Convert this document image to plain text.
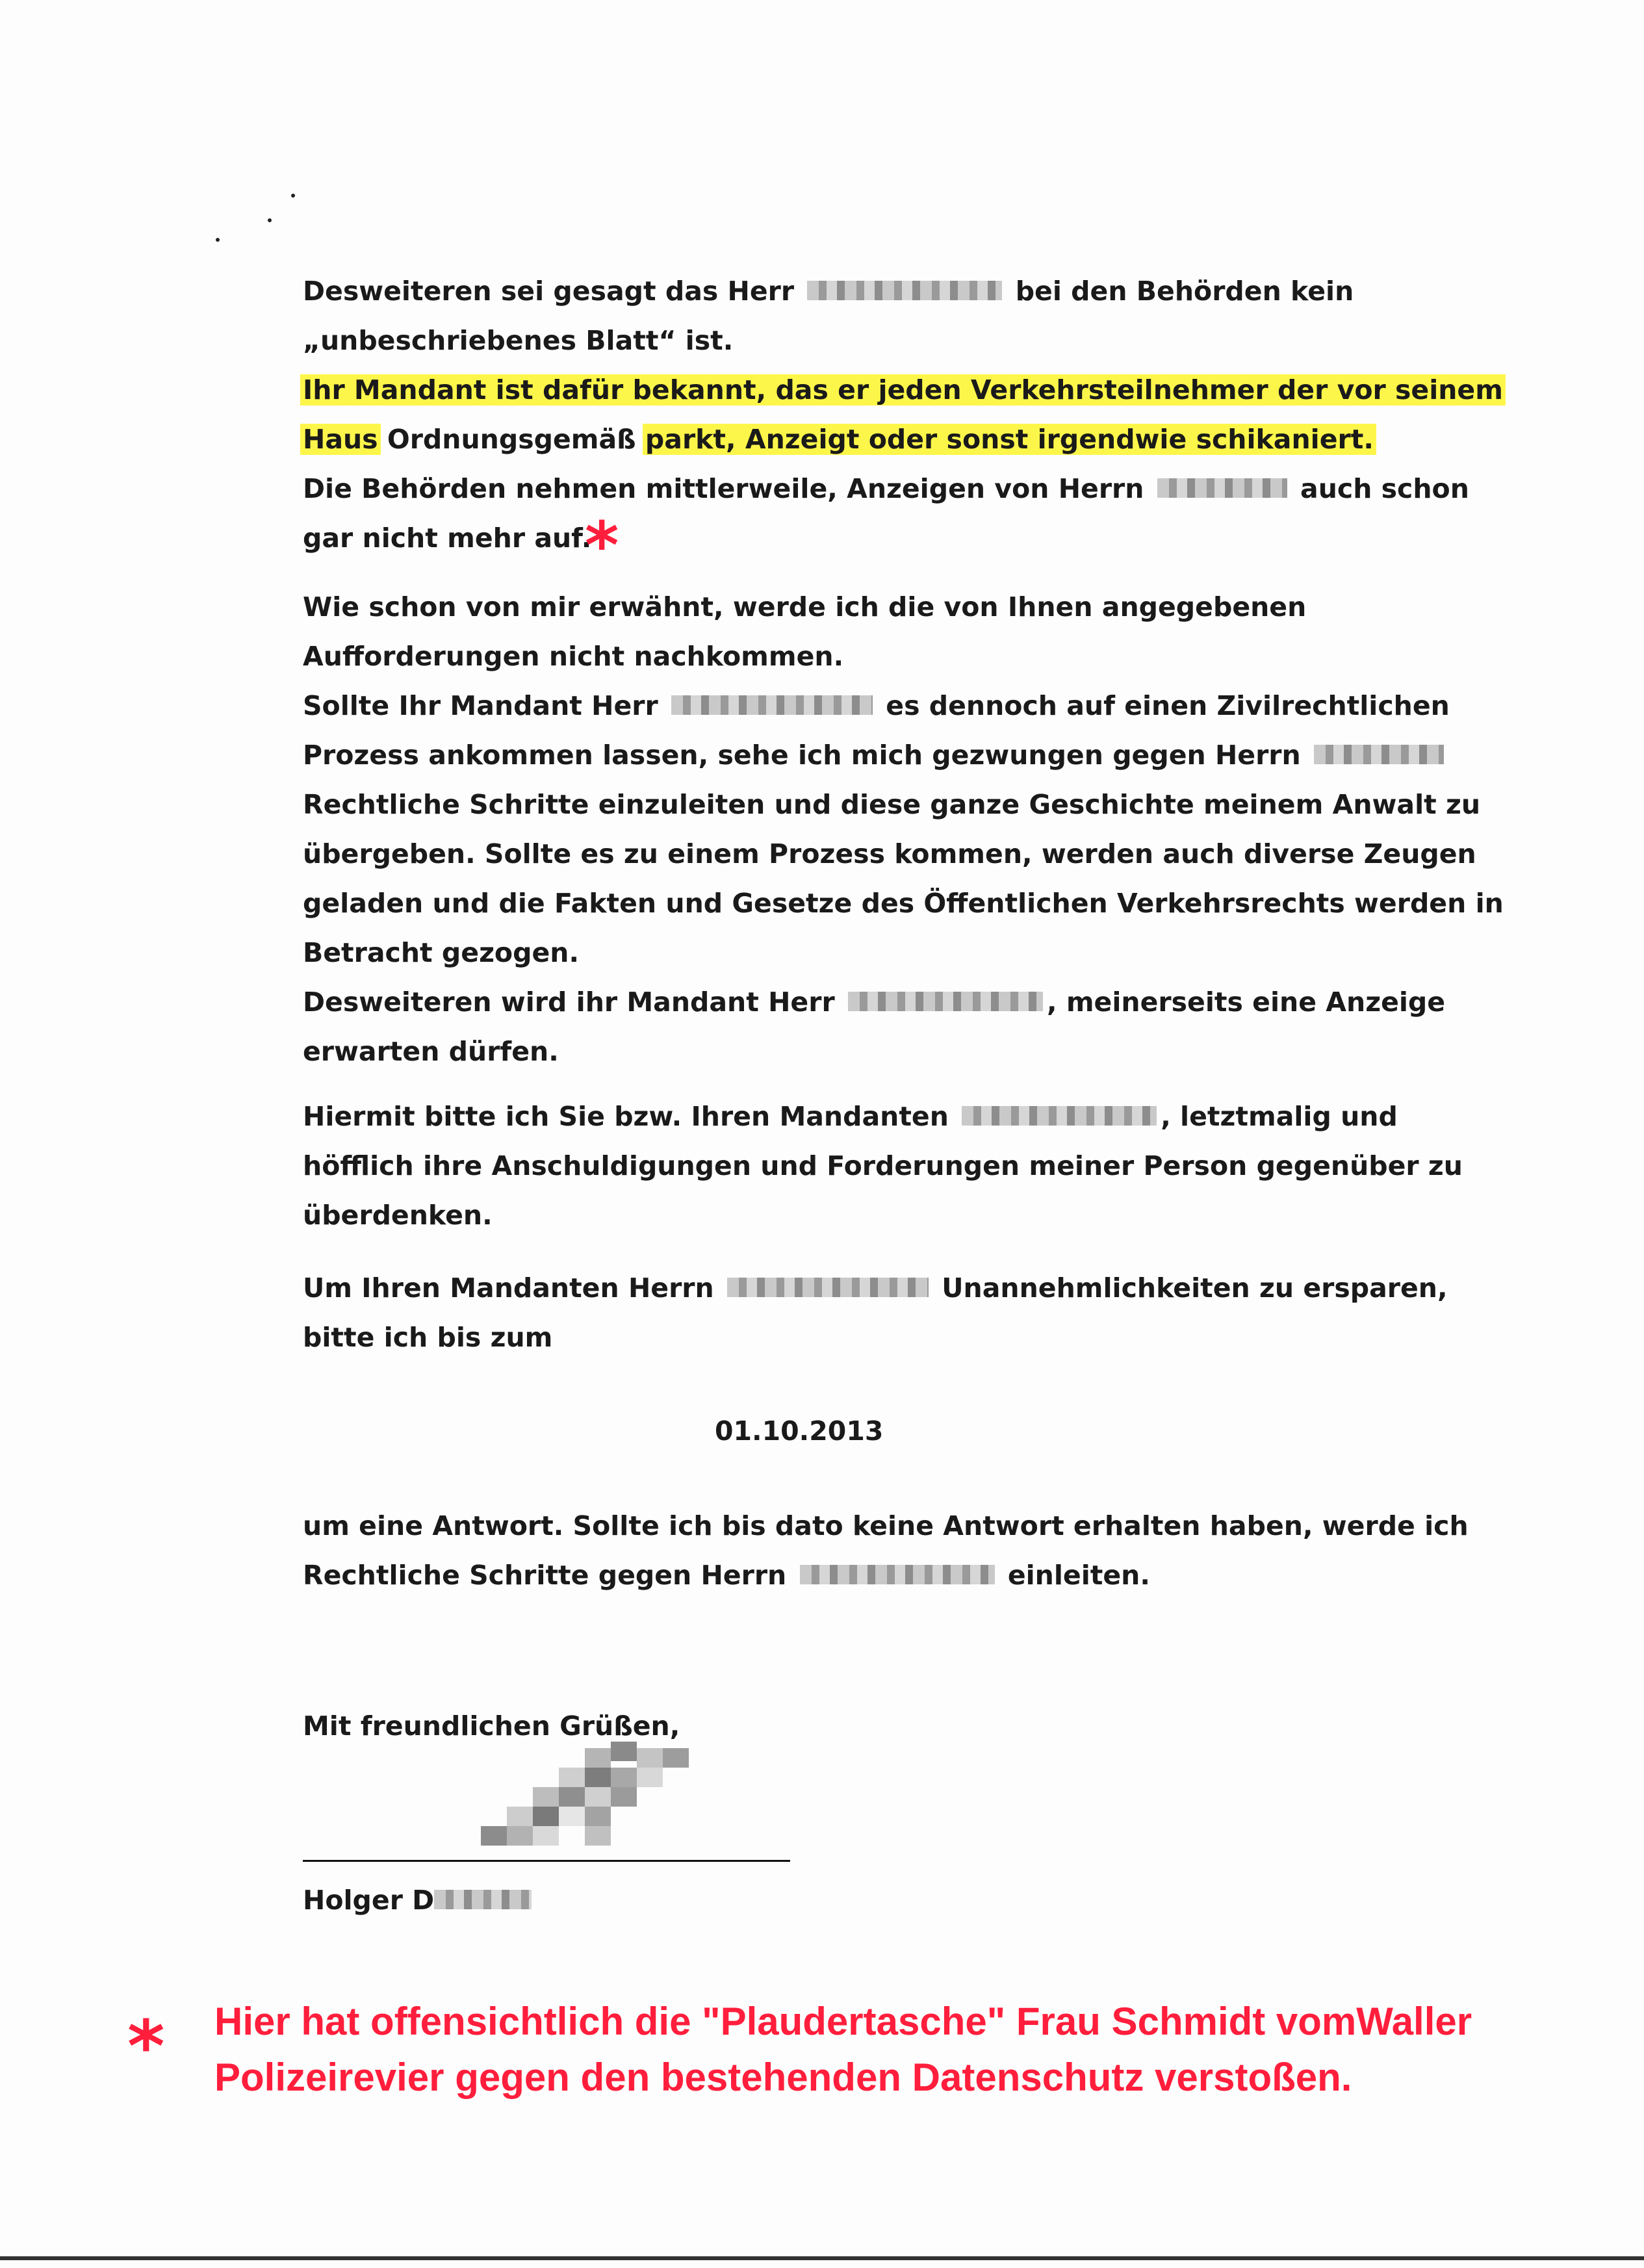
Desweiteren sei gesagt das Herr	bei den Behörden kein
„unbeschriebenes Blatt“ ist.
Ihr Mandant ist dafür bekannt, das er jeden Verkehrsteilnehmer der vor seinem
Haus Ordnungsgemäß parkt, Anzeigt oder sonst irgendwie schikaniert.
Die Behörden nehmen mittlerweile, Anzeigen von Herrn	auch schon
gar nicht mehr auf.
*
Wie schon von mir erwähnt, werde ich die von Ihnen angegebenen
Aufforderungen nicht nachkommen.
Sollte Ihr Mandant Herr	es dennoch auf einen Zivilrechtlichen
Prozess ankommen lassen, sehe ich mich gezwungen gegen Herrn
Rechtliche Schritte einzuleiten und diese ganze Geschichte meinem Anwalt zu
übergeben. Sollte es zu einem Prozess kommen, werden auch diverse Zeugen
geladen und die Fakten und Gesetze des Öffentlichen Verkehrsrechts werden in
Betracht gezogen.
Desweiteren wird ihr Mandant Herr	, meinerseits eine Anzeige
erwarten dürfen.
Hiermit bitte ich Sie bzw. Ihren Mandanten	, letztmalig und
höfflich ihre Anschuldigungen und Forderungen meiner Person gegenüber zu
überdenken.
Um Ihren Mandanten Herrn	Unannehmlichkeiten zu ersparen,
bitte ich bis zum
01.10.2013
um eine Antwort. Sollte ich bis dato keine Antwort erhalten haben, werde ich
Rechtliche Schritte gegen Herrn	einleiten.
Mit freundlichen Grüßen,
Holger D
* Hier hat offensichtlich die "Plaudertasche" Frau Schmidt vomWaller
Polizeirevier gegen den bestehenden Datenschutz verstoßen.
